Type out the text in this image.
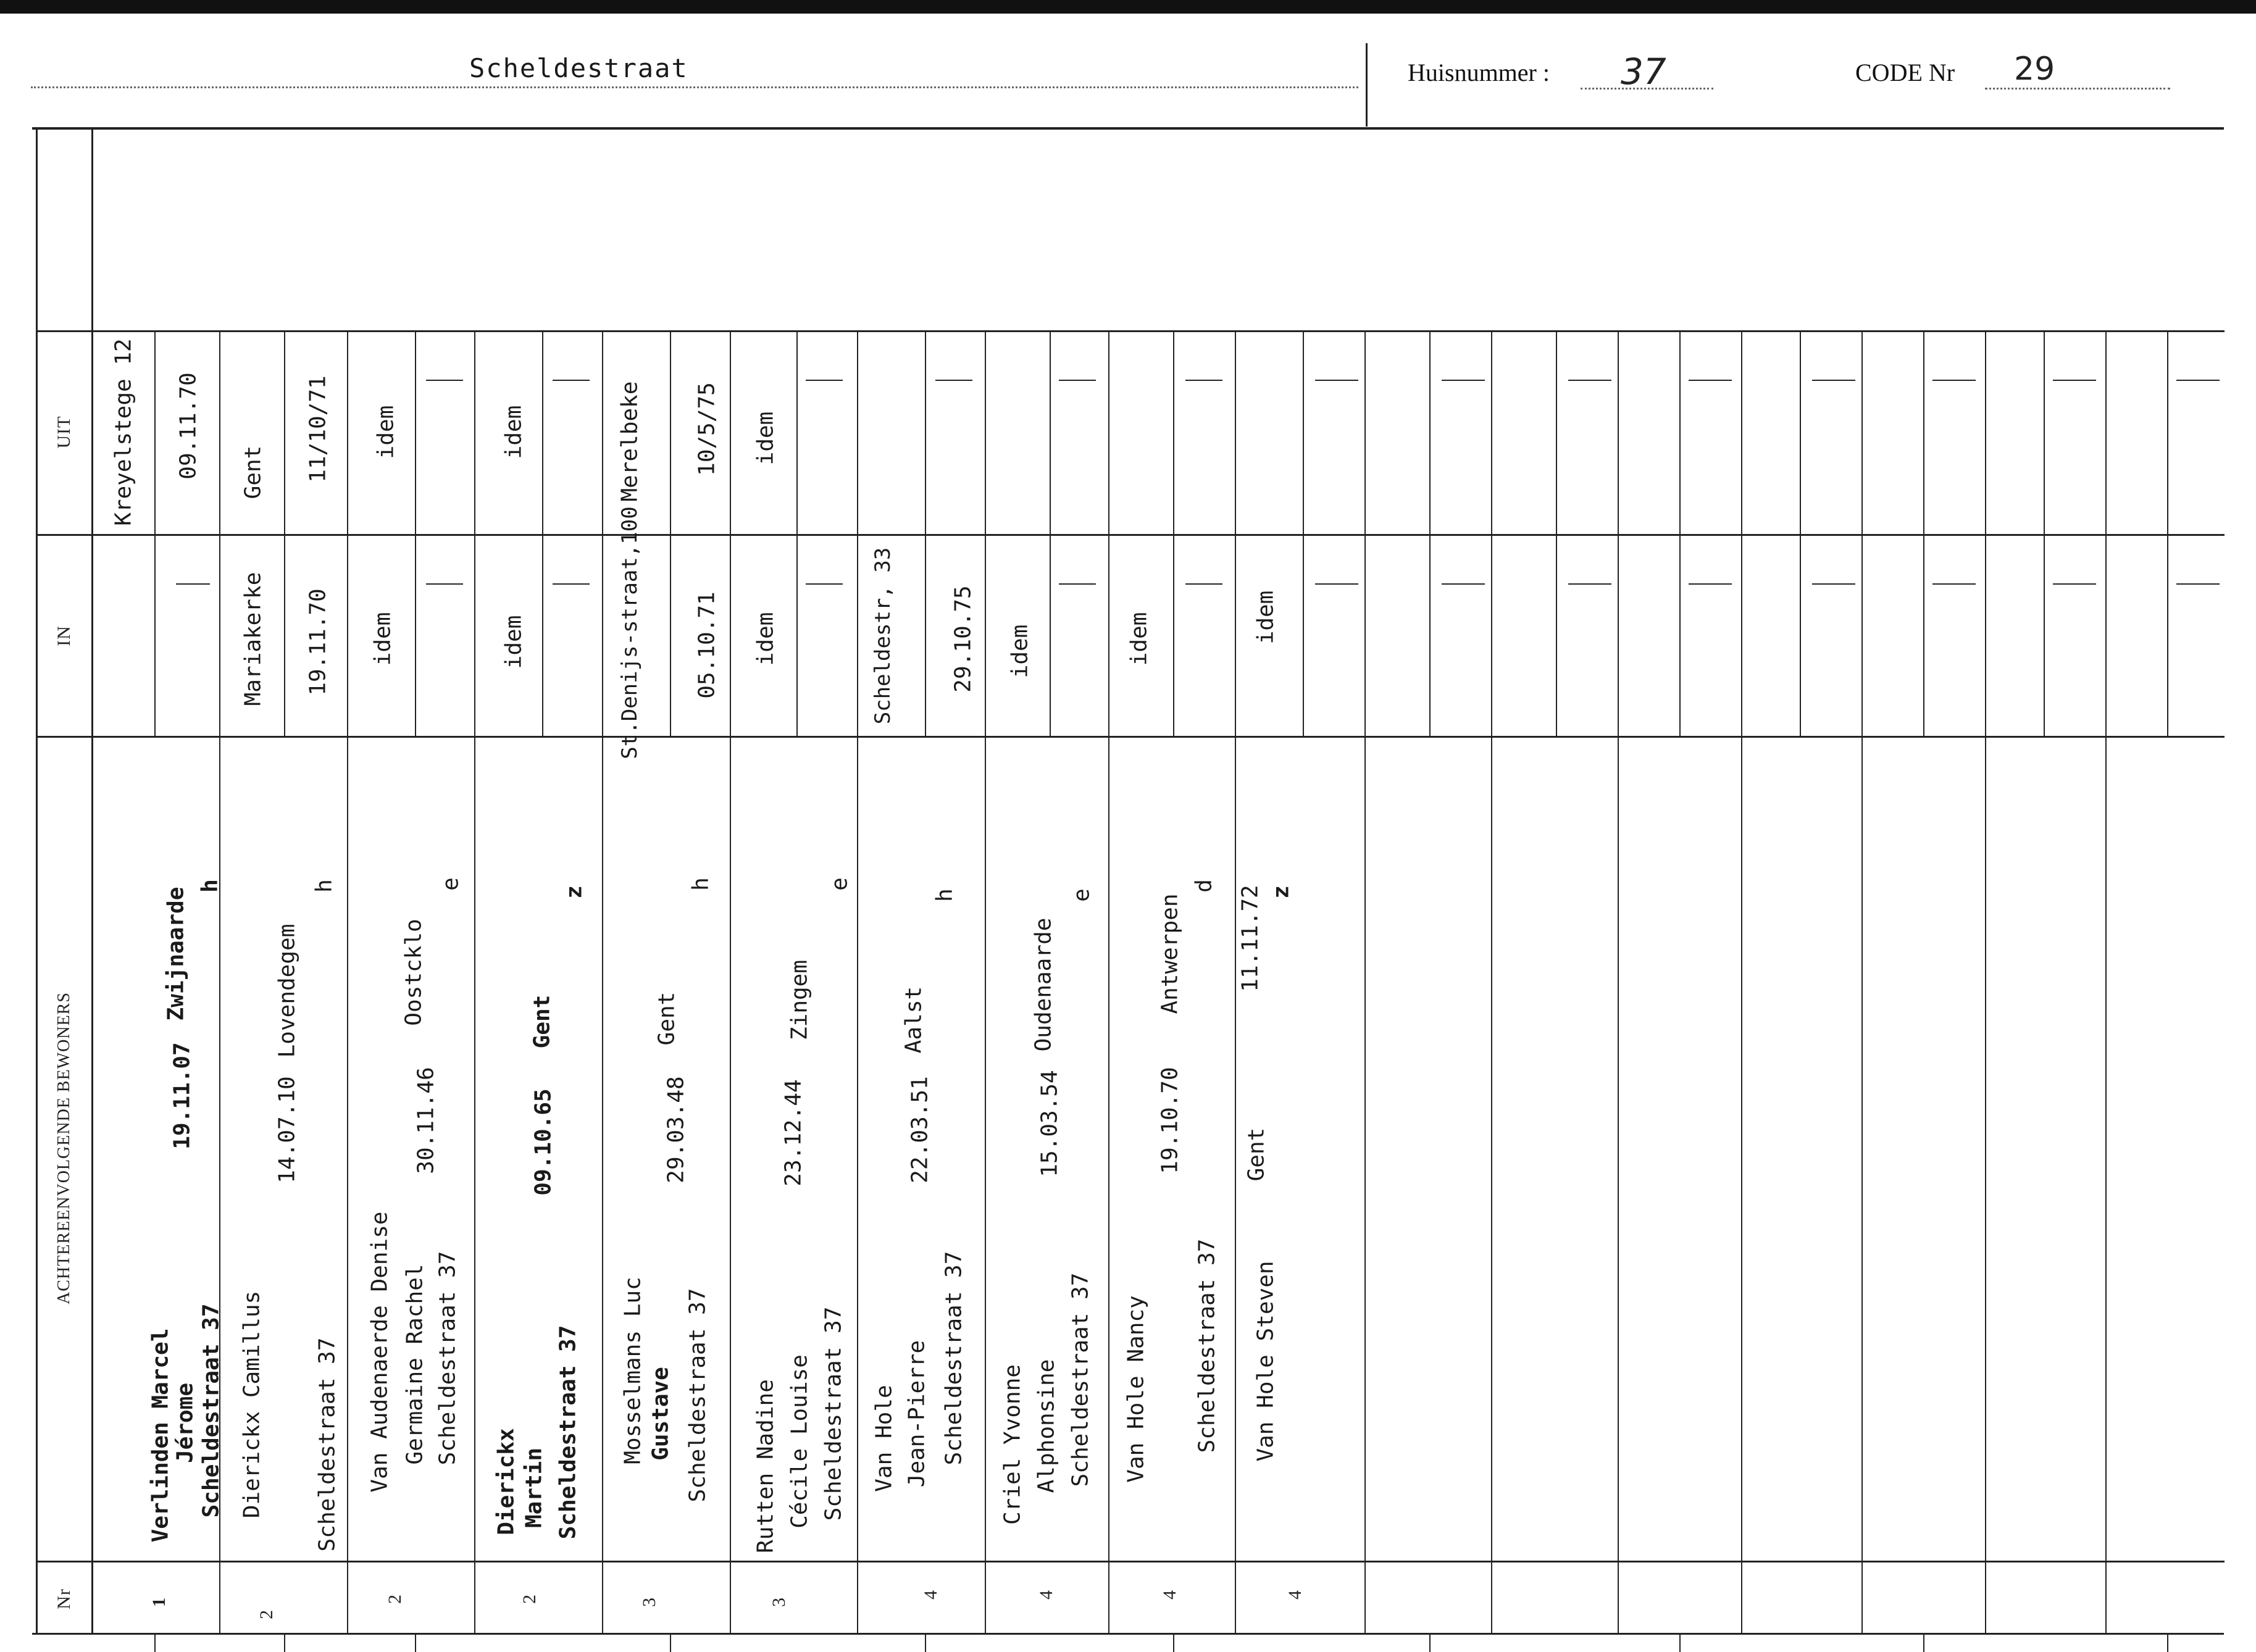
Scheldestraat	Huisnummer : 37	CODE Nr 29
UIT
IN
ACHTEREENVOLGENDE BEWONERS
Nr
Verlinden Marcel Jérome Scheldestraat 37
19.11.07
Zwijnaarde
h
Kreyelstege 12 09.11.70
1
Dierickx Camillus Scheldestraat 37
14.07.10
Lovendegem
h
Mariakerke 19.11.70
Gent 11/10/71
2
Van Audenaerde Denise Germaine Rachel Scheldestraat 37
30.11.46
Oostcklo
e
idem
idem
2
Dierickx Martin Scheldestraat 37
09.10.65
Gent
z
idem
idem
2
Mosselmans Luc Gustave Scheldestraat 37
29.03.48
Gent
h
St.Denijs-straat,100 05.10.71
Merelbeke 10/5/75
3
Rutten Nadine Cécile Louise Scheldestraat 37
23.12.44
Zingem
e
idem
idem
3
Van Hole Jean-Pierre Scheldestraat 37
22.03.51
Aalst
h
Scheldestr, 33 29.10.75
4
Criel Yvonne Alphonsine Scheldestraat 37
15.03.54
Oudenaarde
e
idem
4
Van Hole Nancy Scheldestraat 37
19.10.70
Antwerpen
d
idem
4
Van Hole Steven
Gent
11.11.72 z
idem
4
